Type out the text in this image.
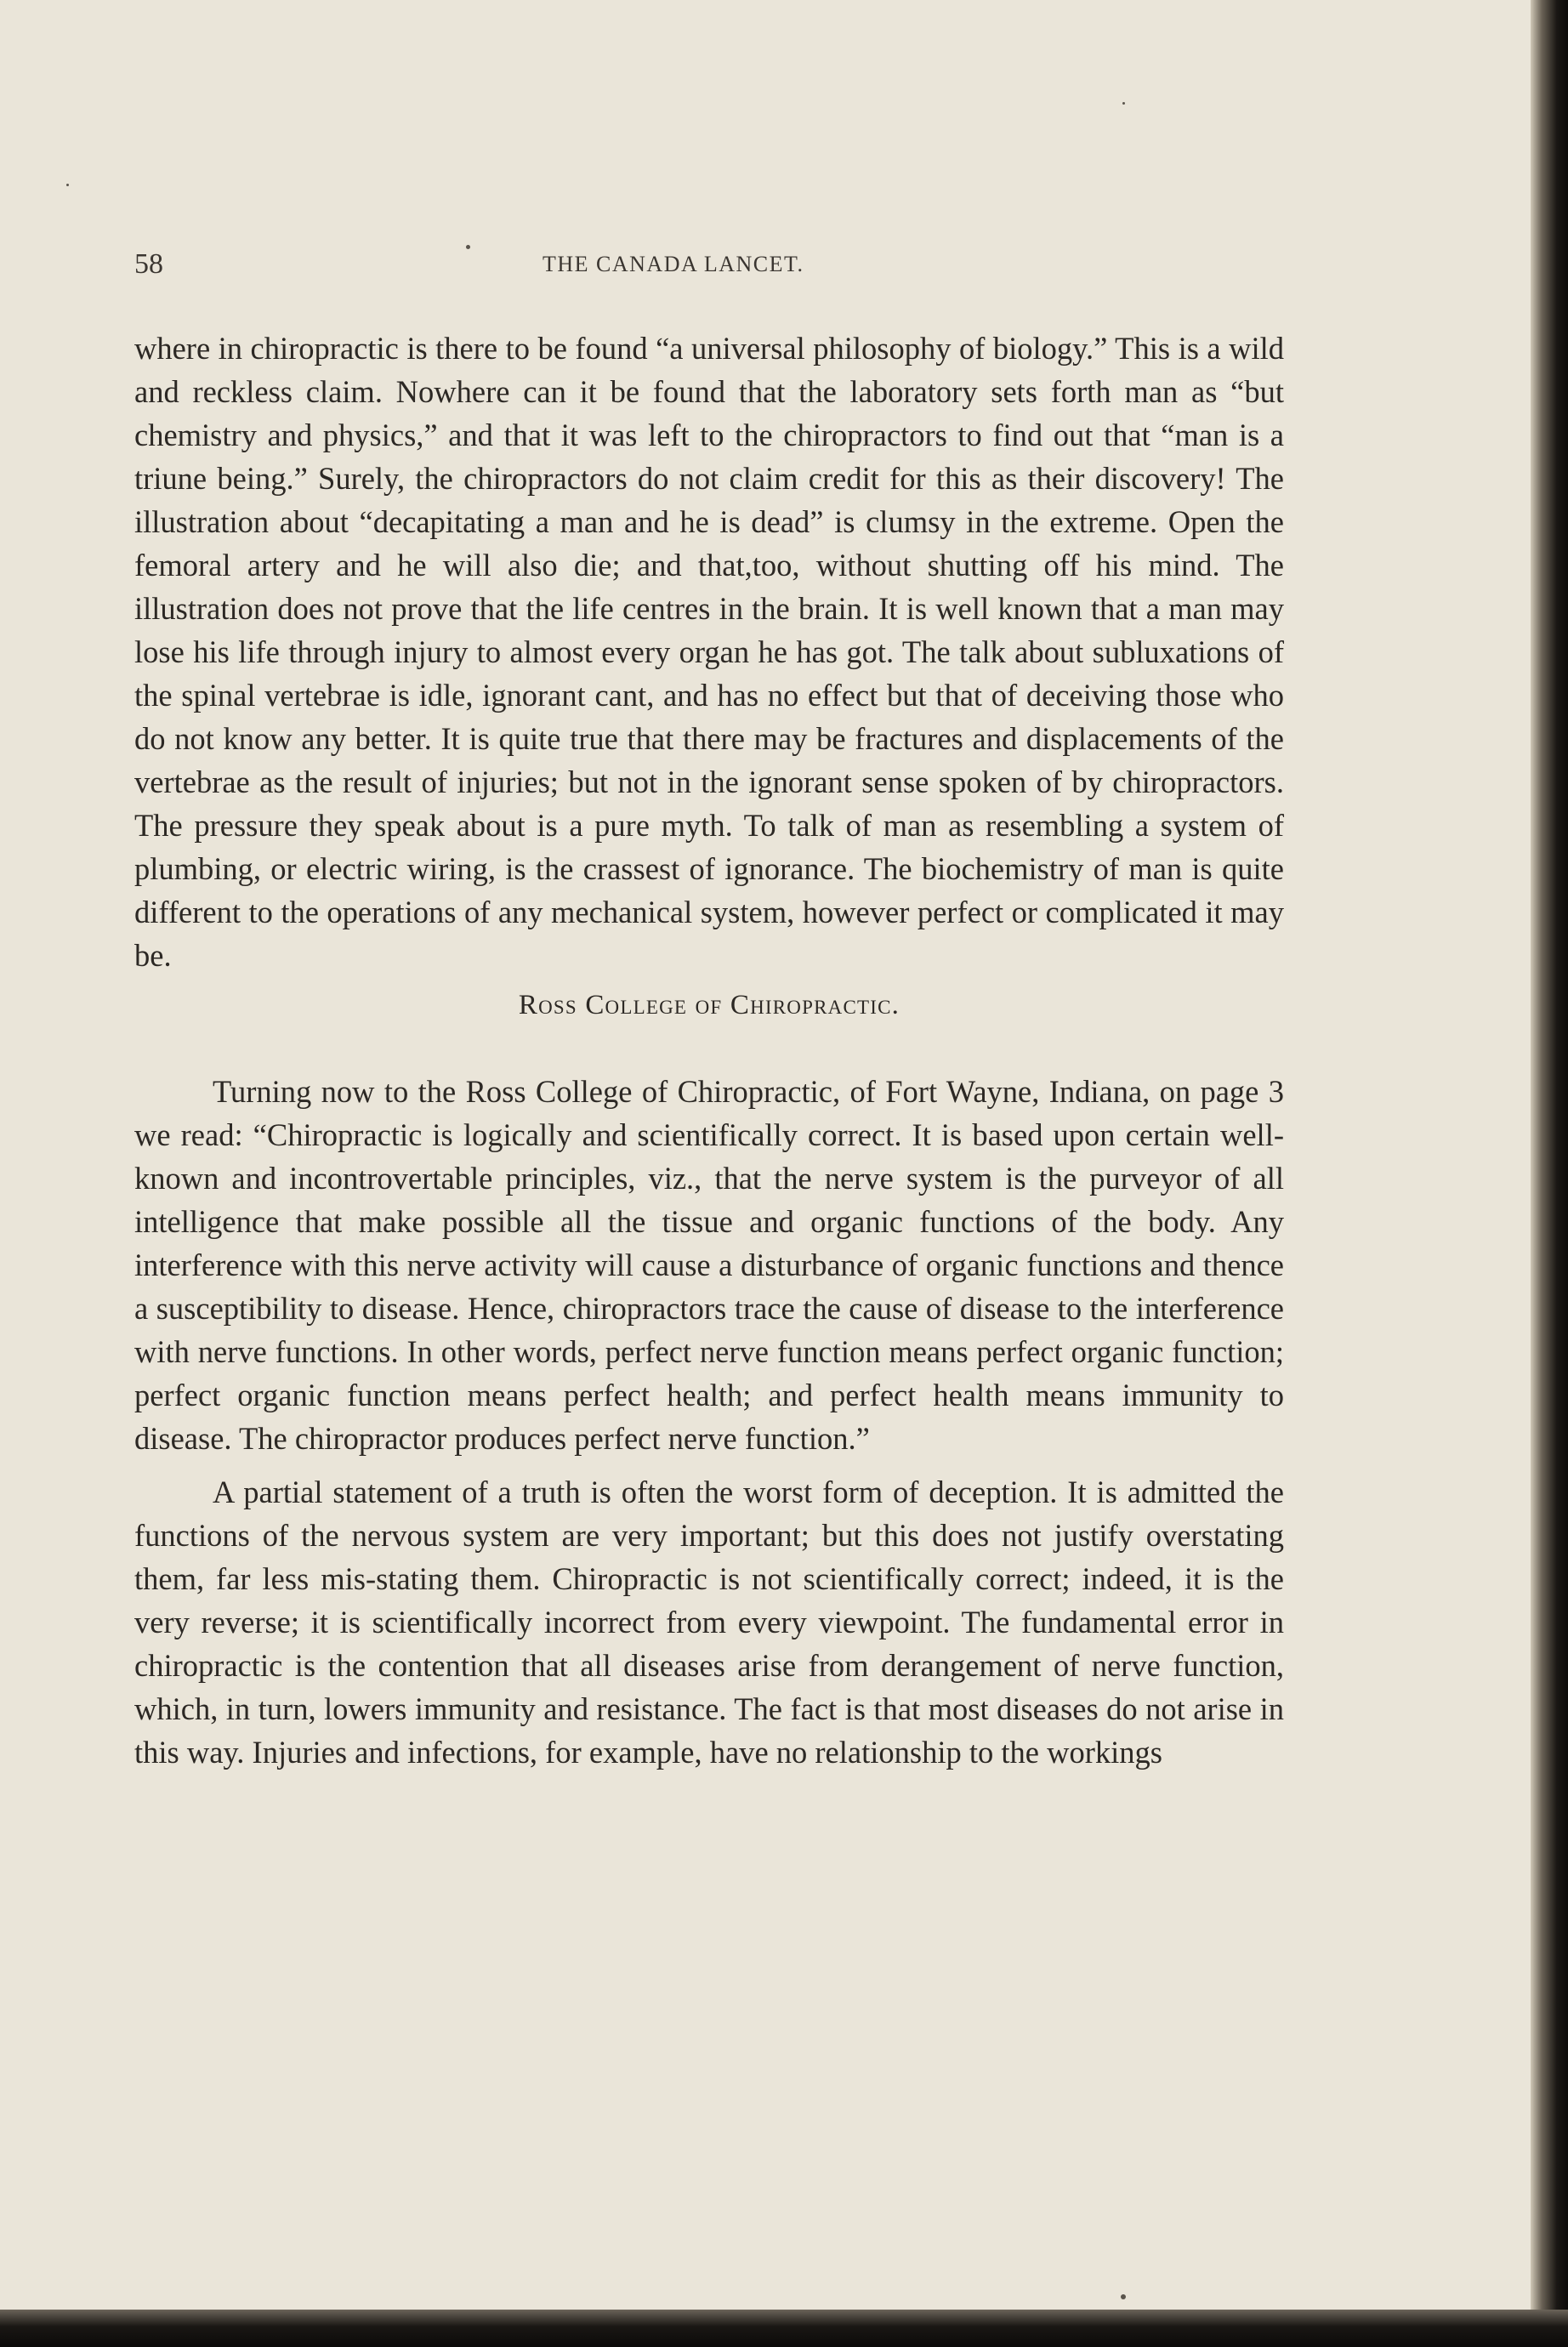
58	THE CANADA LANCET.

where in chiropractic is there to be found “a universal philosophy of biology.” This is a wild and reckless claim. Nowhere can it be found that the laboratory sets forth man as “but chemistry and physics,” and that it was left to the chiropractors to find out that “man is a triune being.” Surely, the chiropractors do not claim credit for this as their discovery! The illustration about “decapitating a man and he is dead” is clumsy in the extreme. Open the femoral artery and he will also die; and that,too, without shutting off his mind. The illustration does not prove that the life centres in the brain. It is well known that a man may lose his life through injury to almost every organ he has got. The talk about subluxations of the spinal vertebrae is idle, ignorant cant, and has no effect but that of deceiving those who do not know any better. It is quite true that there may be fractures and displacements of the vertebrae as the result of injuries; but not in the ignorant sense spoken of by chiropractors. The pressure they speak about is a pure myth. To talk of man as resembling a system of plumbing, or electric wiring, is the crassest of ignorance. The biochemistry of man is quite different to the operations of any mechanical system, however perfect or complicated it may be.

Ross College of Chiropractic.

Turning now to the Ross College of Chiropractic, of Fort Wayne, Indiana, on page 3 we read: “Chiropractic is logically and scientifically correct. It is based upon certain well-known and incontrovertable principles, viz., that the nerve system is the purveyor of all intelligence that make possible all the tissue and organic functions of the body. Any interference with this nerve activity will cause a disturbance of organic functions and thence a susceptibility to disease. Hence, chiropractors trace the cause of disease to the interference with nerve functions. In other words, perfect nerve function means perfect organic function; perfect organic function means perfect health; and perfect health means immunity to disease. The chiropractor produces perfect nerve function.”

A partial statement of a truth is often the worst form of deception. It is admitted the functions of the nervous system are very important; but this does not justify overstating them, far less mis-stating them. Chiropractic is not scientifically correct; indeed, it is the very reverse; it is scientifically incorrect from every viewpoint. The fundamental error in chiropractic is the contention that all diseases arise from derangement of nerve function, which, in turn, lowers immunity and resistance. The fact is that most diseases do not arise in this way. Injuries and infections, for example, have no relationship to the workings
